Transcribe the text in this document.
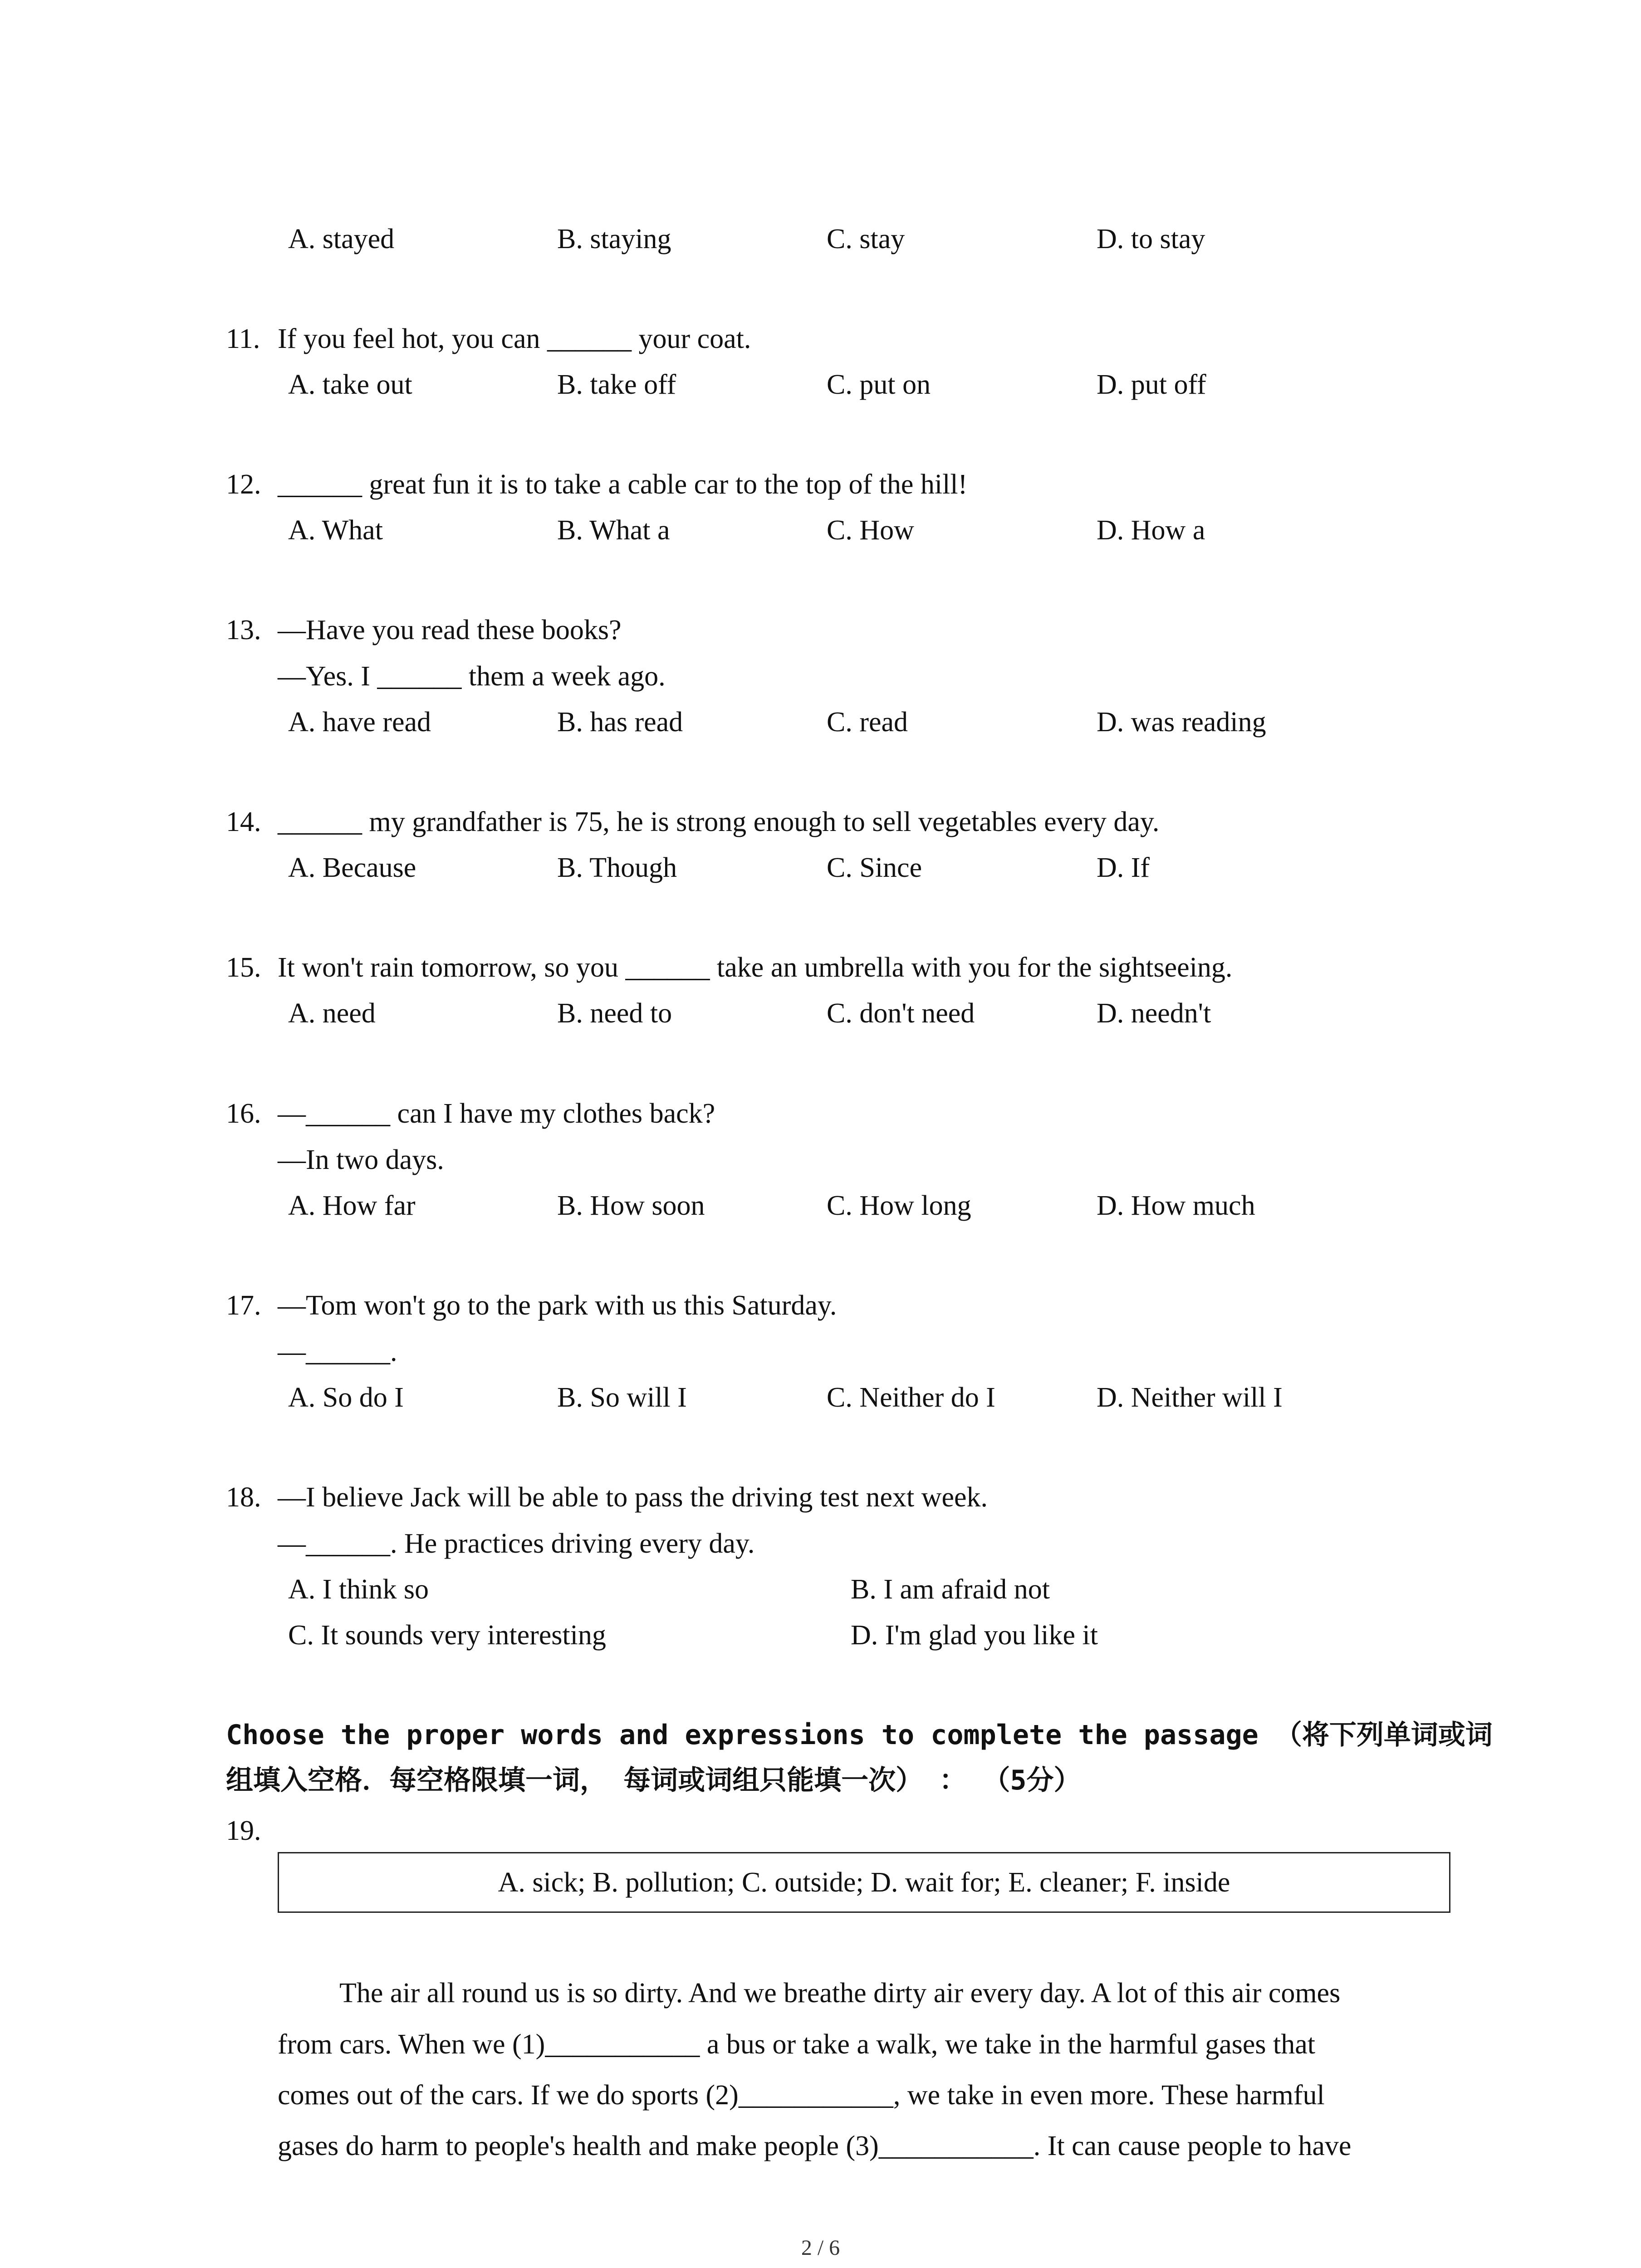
A. stayed	B. staying	C. stay	D. to stay
11. If you feel hot, you can ______ your coat.
A. take out	B. take off	C. put on	D. put off
12. ______ great fun it is to take a cable car to the top of the hill!
A. What	B. What a	C. How	D. How a
13. —Have you read these books?
—Yes. I ______ them a week ago.
A. have read	B. has read	C. read	D. was reading
14. ______ my grandfather is 75, he is strong enough to sell vegetables every day.
A. Because	B. Though	C. Since	D. If
15. It won't rain tomorrow, so you ______ take an umbrella with you for the sightseeing.
A. need	B. need to	C. don't need	D. needn't
16. —______ can I have my clothes back?
—In two days.
A. How far	B. How soon	C. How long	D. How much
17. —Tom won't go to the park with us this Saturday.
—______.
A. So do I	B. So will I	C. Neither do I	D. Neither will I
18. —I believe Jack will be able to pass the driving test next week.
—______. He practices driving every day.
A. I think so	B. I am afraid not
C. It sounds very interesting	D. I'm glad you like it
Choose the proper words and expressions to complete the passage （将下列单词或词
组填入空格．每空格限填一词， 每词或词组只能填一次） ： （5分）
19.
A. sick; B. pollution; C. outside; D. wait for; E. cleaner; F. inside
The air all round us is so dirty. And we breathe dirty air every day. A lot of this air comes
from cars. When we (1)___________ a bus or take a walk, we take in the harmful gases that
comes out of the cars. If we do sports (2)___________, we take in even more. These harmful
gases do harm to people's health and make people (3)___________. It can cause people to have
2 / 6
